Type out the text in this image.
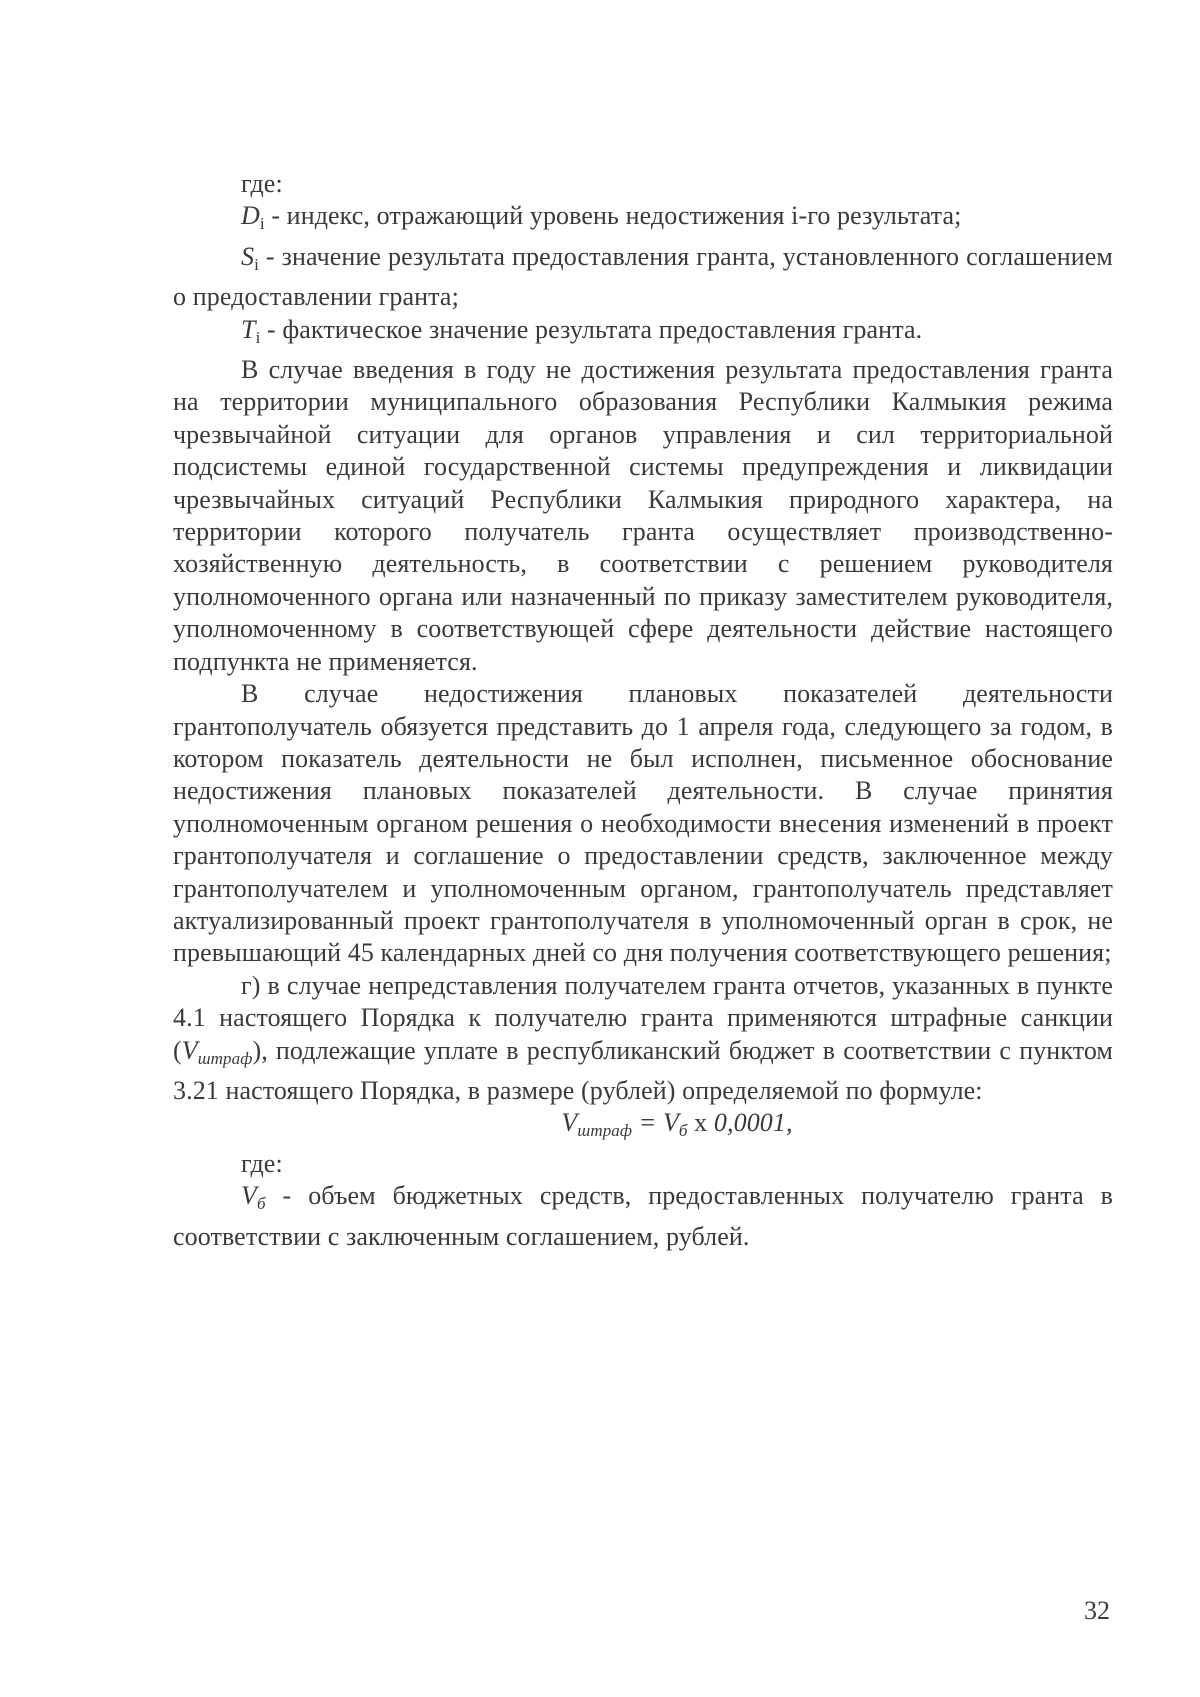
где:

$D_i$ - индекс, отражающий уровень недостижения i-го результата;

$S_i$ - значение результата предоставления гранта, установленного соглашением о предоставлении гранта;

$T_i$ - фактическое значение результата предоставления гранта.

В случае введения в году не достижения результата предоставления гранта на территории муниципального образования Республики Калмыкия режима чрезвычайной ситуации для органов управления и сил территориальной подсистемы единой государственной системы предупреждения и ликвидации чрезвычайных ситуаций Республики Калмыкия природного характера, на территории которого получатель гранта осуществляет производственно-хозяйственную деятельность, в соответствии с решением руководителя уполномоченного органа или назначенный по приказу заместителем руководителя, уполномоченному в соответствующей сфере деятельности действие настоящего подпункта не применяется.

В случае недостижения плановых показателей деятельности грантополучатель обязуется представить до 1 апреля года, следующего за годом, в котором показатель деятельности не был исполнен, письменное обоснование недостижения плановых показателей деятельности. В случае принятия уполномоченным органом решения о необходимости внесения изменений в проект грантополучателя и соглашение о предоставлении средств, заключенное между грантополучателем и уполномоченным органом, грантополучатель представляет актуализированный проект грантополучателя в уполномоченный орган в срок, не превышающий 45 календарных дней со дня получения соответствующего решения;

г) в случае непредставления получателем гранта отчетов, указанных в пункте 4.1 настоящего Порядка к получателю гранта применяются штрафные санкции (Vштраф), подлежащие уплате в республиканский бюджет в соответствии с пунктом 3.21 настоящего Порядка, в размере (рублей) определяемой по формуле:

Vштраф = Vб x 0,0001,

где:

Vб - объем бюджетных средств, предоставленных получателю гранта в соответствии с заключенным соглашением, рублей.

32
